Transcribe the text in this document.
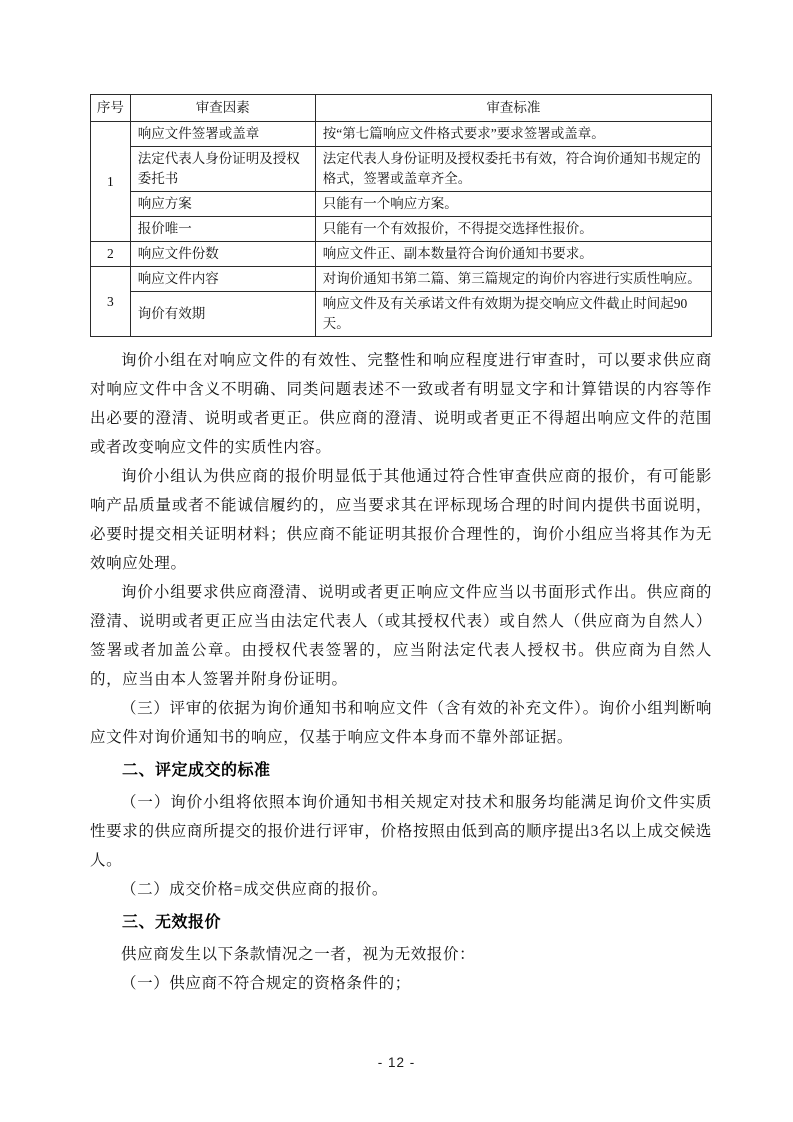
序号	审查因素	审查标准
1	响应文件签署或盖章	按“第七篇响应文件格式要求”要求签署或盖章。
	法定代表人身份证明及授权委托书	法定代表人身份证明及授权委托书有效，符合询价通知书规定的格式，签署或盖章齐全。
	响应方案	只能有一个响应方案。
	报价唯一	只能有一个有效报价，不得提交选择性报价。
2	响应文件份数	响应文件正、副本数量符合询价通知书要求。
3	响应文件内容	对询价通知书第二篇、第三篇规定的询价内容进行实质性响应。
	询价有效期	响应文件及有关承诺文件有效期为提交响应文件截止时间起90天。

询价小组在对响应文件的有效性、完整性和响应程度进行审查时，可以要求供应商对响应文件中含义不明确、同类问题表述不一致或者有明显文字和计算错误的内容等作出必要的澄清、说明或者更正。供应商的澄清、说明或者更正不得超出响应文件的范围或者改变响应文件的实质性内容。

询价小组认为供应商的报价明显低于其他通过符合性审查供应商的报价，有可能影响产品质量或者不能诚信履约的，应当要求其在评标现场合理的时间内提供书面说明，必要时提交相关证明材料；供应商不能证明其报价合理性的，询价小组应当将其作为无效响应处理。

询价小组要求供应商澄清、说明或者更正响应文件应当以书面形式作出。供应商的澄清、说明或者更正应当由法定代表人（或其授权代表）或自然人（供应商为自然人）签署或者加盖公章。由授权代表签署的，应当附法定代表人授权书。供应商为自然人的，应当由本人签署并附身份证明。

（三）评审的依据为询价通知书和响应文件（含有效的补充文件）。询价小组判断响应文件对询价通知书的响应，仅基于响应文件本身而不靠外部证据。

二、评定成交的标准

（一）询价小组将依照本询价通知书相关规定对技术和服务均能满足询价文件实质性要求的供应商所提交的报价进行评审，价格按照由低到高的顺序提出3名以上成交候选人。

（二）成交价格=成交供应商的报价。

三、无效报价

供应商发生以下条款情况之一者，视为无效报价：

（一）供应商不符合规定的资格条件的；

- 12 -
